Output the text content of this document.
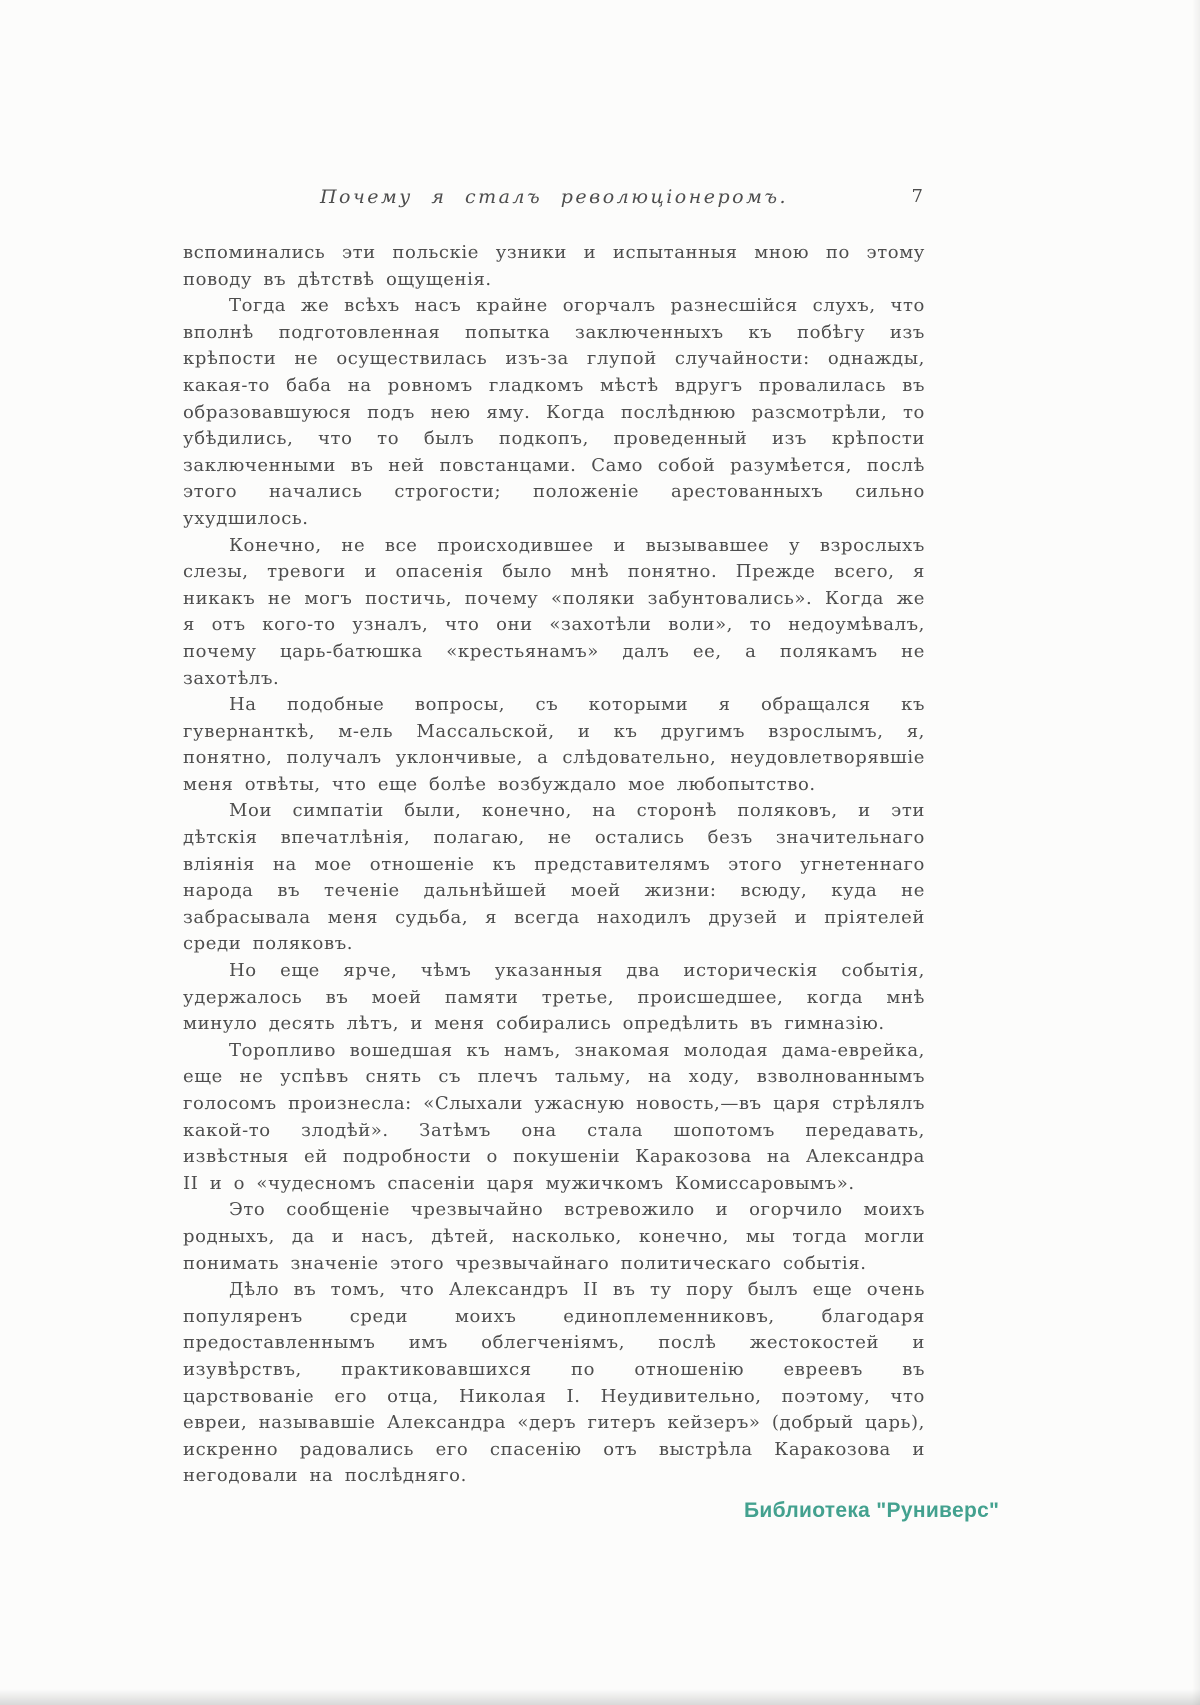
Почему я сталъ революціонеромъ.	7

вспоминались эти польскіе узники и испытанныя мною по этому поводу въ дѣтствѣ ощущенія.

Тогда же всѣхъ насъ крайне огорчалъ разнесшійся слухъ, что вполнѣ подготовленная попытка заключенныхъ къ побѣгу изъ крѣпости не осуществилась изъ-за глупой случайности: однажды, какая-то баба на ровномъ гладкомъ мѣстѣ вдругъ провалилась въ образовавшуюся подъ нею яму. Когда послѣднюю разсмотрѣли, то убѣдились, что то былъ подкопъ, проведенный изъ крѣпости заключенными въ ней повстанцами. Само собой разумѣется, послѣ этого начались строгости; положеніе арестованныхъ сильно ухудшилось.

Конечно, не все происходившее и вызывавшее у взрослыхъ слезы, тревоги и опасенія было мнѣ понятно. Прежде всего, я никакъ не могъ постичь, почему «поляки забунтовались». Когда же я отъ кого-то узналъ, что они «захотѣли воли», то недоумѣвалъ, почему царь-батюшка «крестьянамъ» далъ ее, а полякамъ не захотѣлъ.

На подобные вопросы, съ которыми я обращался къ гувернанткѣ, м-ель Массальской, и къ другимъ взрослымъ, я, понятно, получалъ уклончивые, а слѣдовательно, неудовлетворявшіе меня отвѣты, что еще болѣе возбуждало мое любопытство.

Мои симпатіи были, конечно, на сторонѣ поляковъ, и эти дѣтскія впечатлѣнія, полагаю, не остались безъ значительнаго вліянія на мое отношеніе къ представителямъ этого угнетеннаго народа въ теченіе дальнѣйшей моей жизни: всюду, куда не забрасывала меня судьба, я всегда находилъ друзей и пріятелей среди поляковъ.

Но еще ярче, чѣмъ указанныя два историческія событія, удержалось въ моей памяти третье, происшедшее, когда мнѣ минуло десять лѣтъ, и меня собирались опредѣлить въ гимназію.

Торопливо вошедшая къ намъ, знакомая молодая дама-еврейка, еще не успѣвъ снять съ плечъ тальму, на ходу, взволнованнымъ голосомъ произнесла: «Слыхали ужасную новость,—въ царя стрѣлялъ какой-то злодѣй». Затѣмъ она стала шопотомъ передавать, извѣстныя ей подробности о покушеніи Каракозова на Александра II и о «чудесномъ спасеніи царя мужичкомъ Комиссаровымъ».

Это сообщеніе чрезвычайно встревожило и огорчило моихъ родныхъ, да и насъ, дѣтей, насколько, конечно, мы тогда могли понимать значеніе этого чрезвычайнаго политическаго событія.

Дѣло въ томъ, что Александръ II въ ту пору былъ еще очень популяренъ среди моихъ единоплеменниковъ, благодаря предоставленнымъ имъ облегченіямъ, послѣ жестокостей и изувѣрствъ, практиковавшихся по отношенію евреевъ въ царствованіе его отца, Николая I. Неудивительно, поэтому, что евреи, называвшіе Александра «деръ гитеръ кейзеръ» (добрый царь), искренно радовались его спасенію отъ выстрѣла Каракозова и негодовали на послѣдняго.

Библиотека "Руниверс"
